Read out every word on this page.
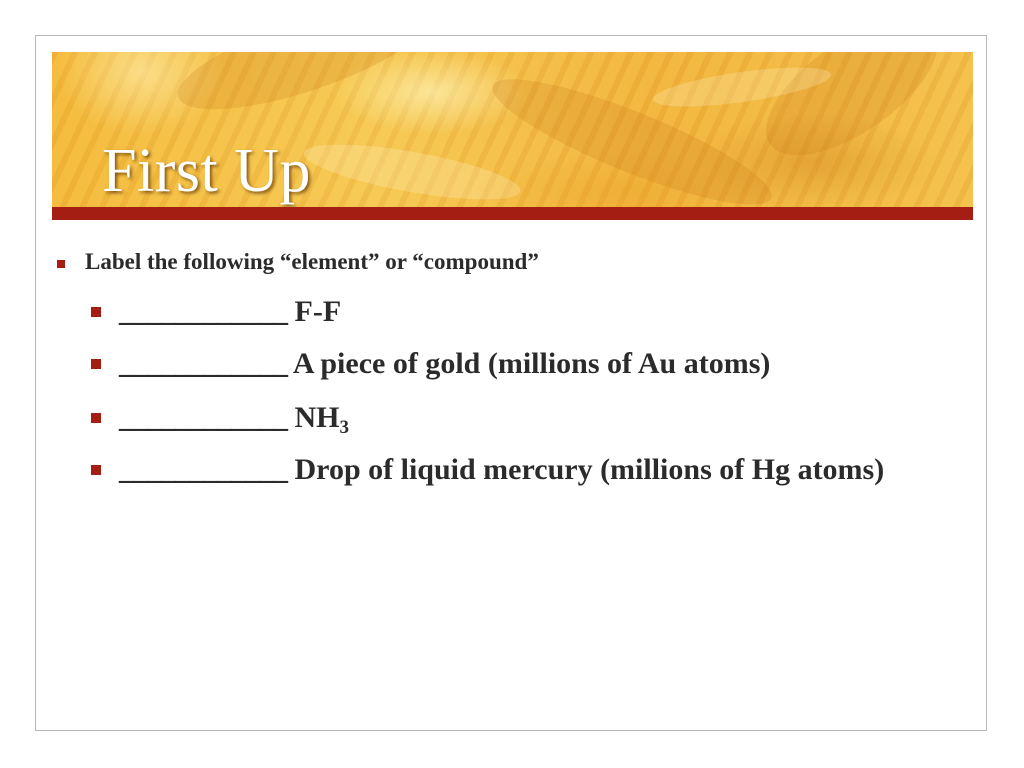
First Up
Label the following “element” or “compound”
____________ F-F
____________ A piece of gold (millions of Au atoms)
____________ $NH_3$
____________ Drop of liquid mercury (millions of Hg atoms)
